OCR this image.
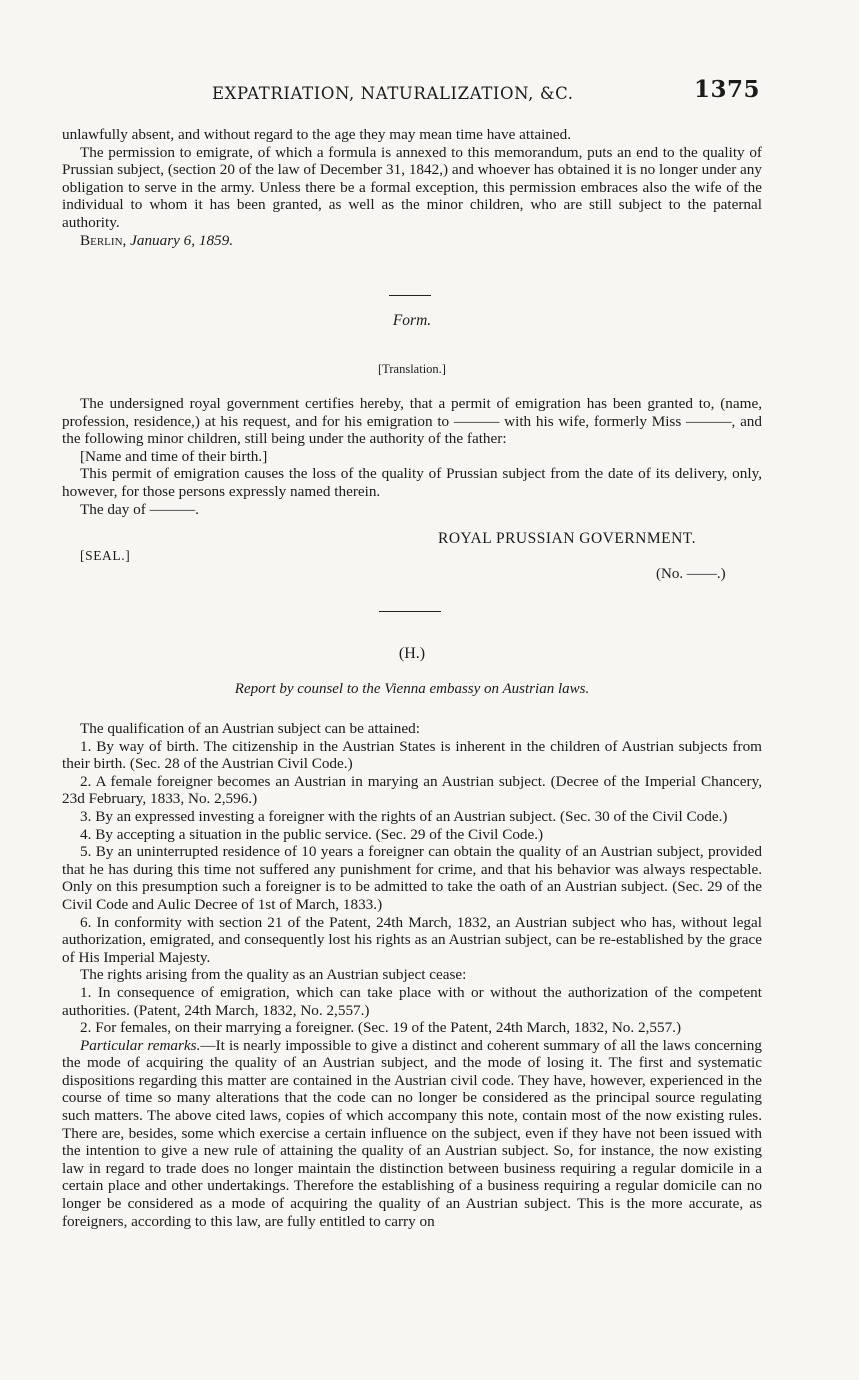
EXPATRIATION, NATURALIZATION, &C.	1375

unlawfully absent, and without regard to the age they may mean time have attained.

The permission to emigrate, of which a formula is annexed to this memorandum, puts an end to the quality of Prussian subject, (section 20 of the law of December 31, 1842,) and whoever has obtained it is no longer under any obligation to serve in the army. Unless there be a formal exception, this permission embraces also the wife of the individual to whom it has been granted, as well as the minor children, who are still subject to the paternal authority.

Berlin, January 6, 1859.

Form.
[Translation.]

The undersigned royal government certifies hereby, that a permit of emigration has been granted to, (name, profession, residence,) at his request, and for his emigration to ——— with his wife, formerly Miss ———, and the following minor children, still being under the authority of the father:

[Name and time of their birth.]

This permit of emigration causes the loss of the quality of Prussian subject from the date of its delivery, only, however, for those persons expressly named therein.

The day of ———.

ROYAL PRUSSIAN GOVERNMENT.
[SEAL.]
(No. ——.)
(H.)
Report by counsel to the Vienna embassy on Austrian laws.

The qualification of an Austrian subject can be attained:

1. By way of birth. The citizenship in the Austrian States is inherent in the children of Austrian subjects from their birth. (Sec. 28 of the Austrian Civil Code.)

2. A female foreigner becomes an Austrian in marying an Austrian subject. (Decree of the Imperial Chancery, 23d February, 1833, No. 2,596.)

3. By an expressed investing a foreigner with the rights of an Austrian subject. (Sec. 30 of the Civil Code.)

4. By accepting a situation in the public service. (Sec. 29 of the Civil Code.)

5. By an uninterrupted residence of 10 years a foreigner can obtain the quality of an Austrian subject, provided that he has during this time not suffered any punishment for crime, and that his behavior was always respectable. Only on this presumption such a foreigner is to be admitted to take the oath of an Austrian subject. (Sec. 29 of the Civil Code and Aulic Decree of 1st of March, 1833.)

6. In conformity with section 21 of the Patent, 24th March, 1832, an Austrian subject who has, without legal authorization, emigrated, and consequently lost his rights as an Austrian subject, can be re-established by the grace of His Imperial Majesty.

The rights arising from the quality as an Austrian subject cease:

1. In consequence of emigration, which can take place with or without the authorization of the competent authorities. (Patent, 24th March, 1832, No. 2,557.)

2. For females, on their marrying a foreigner. (Sec. 19 of the Patent, 24th March, 1832, No. 2,557.)

Particular remarks.—It is nearly impossible to give a distinct and coherent summary of all the laws concerning the mode of acquiring the quality of an Austrian subject, and the mode of losing it. The first and systematic dispositions regarding this matter are contained in the Austrian civil code. They have, however, experienced in the course of time so many alterations that the code can no longer be considered as the principal source regulating such matters. The above cited laws, copies of which accompany this note, contain most of the now existing rules. There are, besides, some which exercise a certain influence on the subject, even if they have not been issued with the intention to give a new rule of attaining the quality of an Austrian subject. So, for instance, the now existing law in regard to trade does no longer maintain the distinction between business requiring a regular domicile in a certain place and other undertakings. Therefore the establishing of a business requiring a regular domicile can no longer be considered as a mode of acquiring the quality of an Austrian subject. This is the more accurate, as foreigners, according to this law, are fully entitled to carry on
